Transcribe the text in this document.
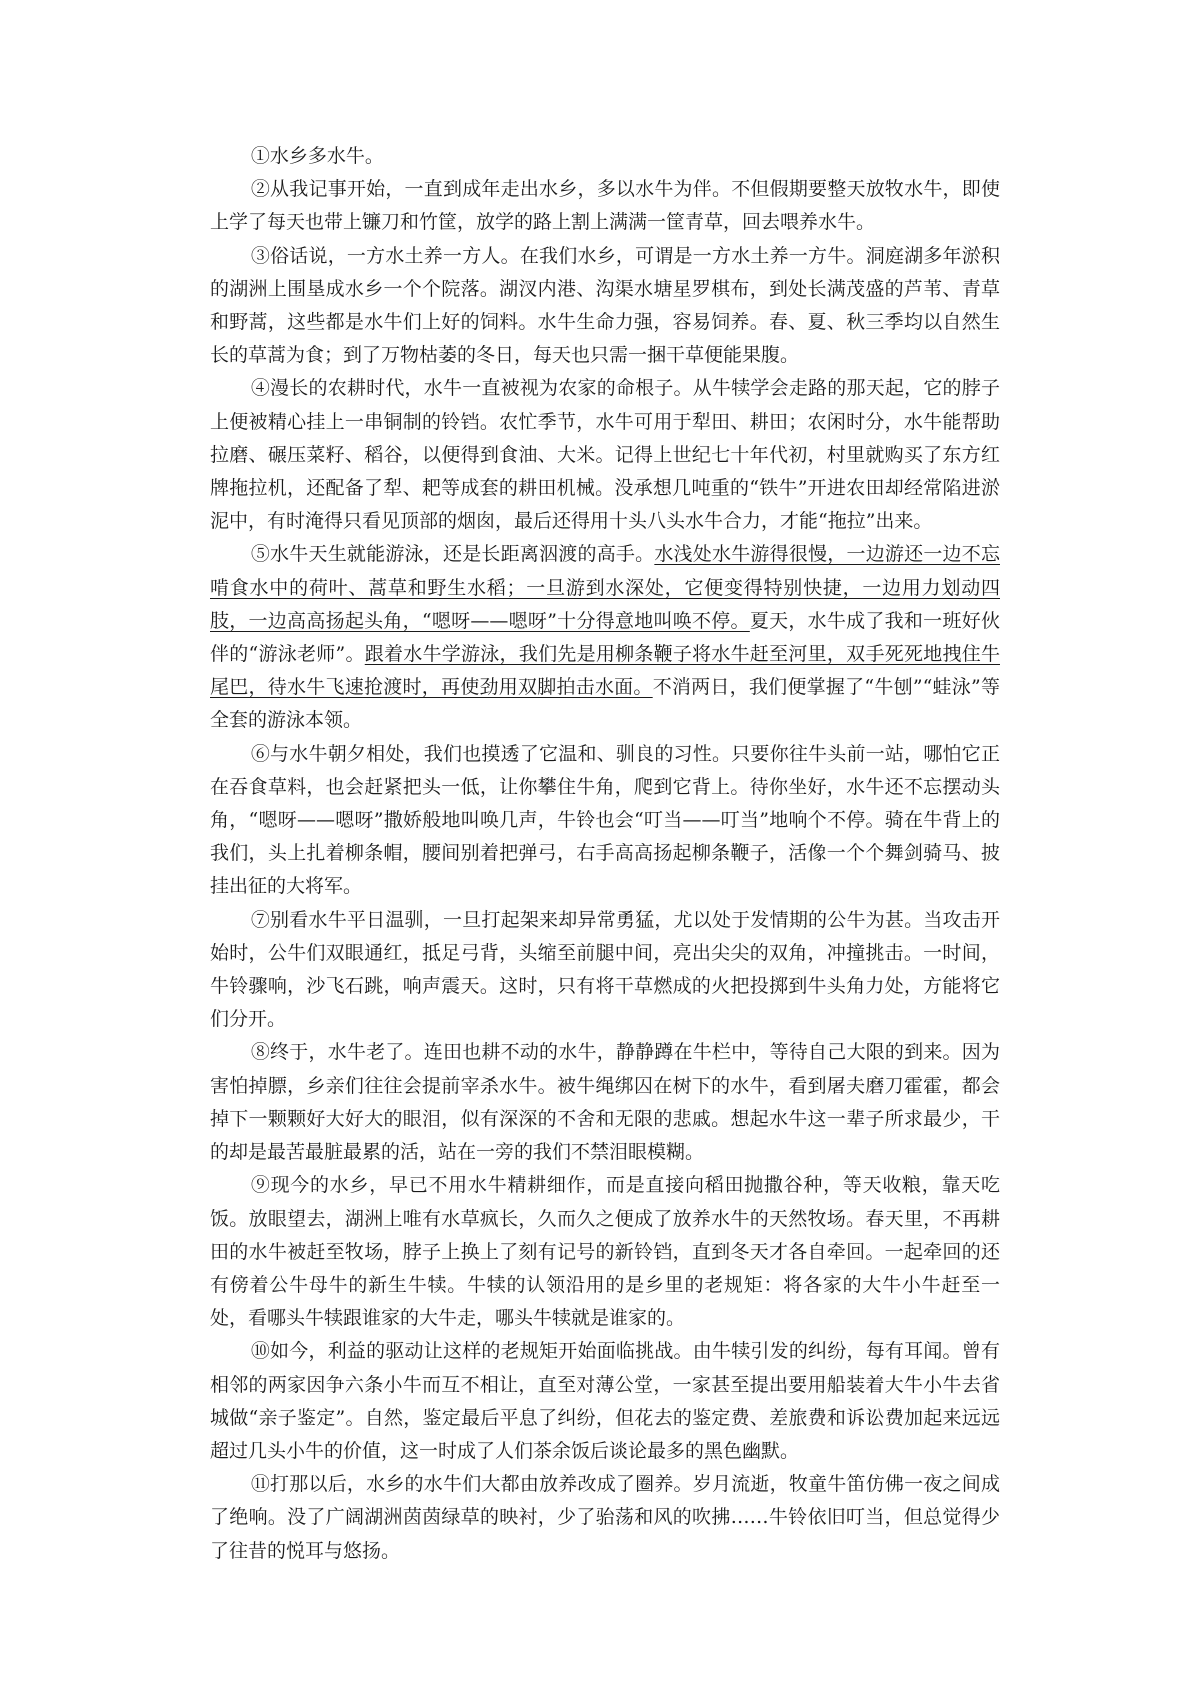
①水乡多水牛。

②从我记事开始，一直到成年走出水乡，多以水牛为伴。不但假期要整天放牧水牛，即使上学了每天也带上镰刀和竹筐，放学的路上割上满满一筐青草，回去喂养水牛。

③俗话说，一方水土养一方人。在我们水乡，可谓是一方水土养一方牛。洞庭湖多年淤积的湖洲上围垦成水乡一个个院落。湖汊内港、沟渠水塘星罗棋布，到处长满茂盛的芦苇、青草和野蒿，这些都是水牛们上好的饲料。水牛生命力强，容易饲养。春、夏、秋三季均以自然生长的草蒿为食；到了万物枯萎的冬日，每天也只需一捆干草便能果腹。

④漫长的农耕时代，水牛一直被视为农家的命根子。从牛犊学会走路的那天起，它的脖子上便被精心挂上一串铜制的铃铛。农忙季节，水牛可用于犁田、耕田；农闲时分，水牛能帮助拉磨、碾压菜籽、稻谷，以便得到食油、大米。记得上世纪七十年代初，村里就购买了东方红牌拖拉机，还配备了犁、耙等成套的耕田机械。没承想几吨重的“铁牛”开进农田却经常陷进淤泥中，有时淹得只看见顶部的烟囱，最后还得用十头八头水牛合力，才能“拖拉”出来。

⑤水牛天生就能游泳，还是长距离泅渡的高手。水浅处水牛游得很慢，一边游还一边不忘啃食水中的荷叶、蒿草和野生水稻；一旦游到水深处，它便变得特别快捷，一边用力划动四肢，一边高高扬起头角，“嗯呀——嗯呀”十分得意地叫唤不停。夏天，水牛成了我和一班好伙伴的“游泳老师”。跟着水牛学游泳，我们先是用柳条鞭子将水牛赶至河里，双手死死地拽住牛尾巴，待水牛飞速抢渡时，再使劲用双脚拍击水面。不消两日，我们便掌握了“牛刨”“蛙泳”等全套的游泳本领。

⑥与水牛朝夕相处，我们也摸透了它温和、驯良的习性。只要你往牛头前一站，哪怕它正在吞食草料，也会赶紧把头一低，让你攀住牛角，爬到它背上。待你坐好，水牛还不忘摆动头角，“嗯呀——嗯呀”撒娇般地叫唤几声，牛铃也会“叮当——叮当”地响个不停。骑在牛背上的我们，头上扎着柳条帽，腰间别着把弹弓，右手高高扬起柳条鞭子，活像一个个舞剑骑马、披挂出征的大将军。

⑦别看水牛平日温驯，一旦打起架来却异常勇猛，尤以处于发情期的公牛为甚。当攻击开始时，公牛们双眼通红，抵足弓背，头缩至前腿中间，亮出尖尖的双角，冲撞挑击。一时间，牛铃骤响，沙飞石跳，响声震天。这时，只有将干草燃成的火把投掷到牛头角力处，方能将它们分开。

⑧终于，水牛老了。连田也耕不动的水牛，静静蹲在牛栏中，等待自己大限的到来。因为害怕掉膘，乡亲们往往会提前宰杀水牛。被牛绳绑囚在树下的水牛，看到屠夫磨刀霍霍，都会掉下一颗颗好大好大的眼泪，似有深深的不舍和无限的悲戚。想起水牛这一辈子所求最少，干的却是最苦最脏最累的活，站在一旁的我们不禁泪眼模糊。

⑨现今的水乡，早已不用水牛精耕细作，而是直接向稻田抛撒谷种，等天收粮，靠天吃饭。放眼望去，湖洲上唯有水草疯长，久而久之便成了放养水牛的天然牧场。春天里，不再耕田的水牛被赶至牧场，脖子上换上了刻有记号的新铃铛，直到冬天才各自牵回。一起牵回的还有傍着公牛母牛的新生牛犊。牛犊的认领沿用的是乡里的老规矩：将各家的大牛小牛赶至一处，看哪头牛犊跟谁家的大牛走，哪头牛犊就是谁家的。

⑩如今，利益的驱动让这样的老规矩开始面临挑战。由牛犊引发的纠纷，每有耳闻。曾有相邻的两家因争六条小牛而互不相让，直至对薄公堂，一家甚至提出要用船装着大牛小牛去省城做“亲子鉴定”。自然，鉴定最后平息了纠纷，但花去的鉴定费、差旅费和诉讼费加起来远远超过几头小牛的价值，这一时成了人们茶余饭后谈论最多的黑色幽默。

⑪打那以后，水乡的水牛们大都由放养改成了圈养。岁月流逝，牧童牛笛仿佛一夜之间成了绝响。没了广阔湖洲茵茵绿草的映衬，少了骀荡和风的吹拂……牛铃依旧叮当，但总觉得少了往昔的悦耳与悠扬。
